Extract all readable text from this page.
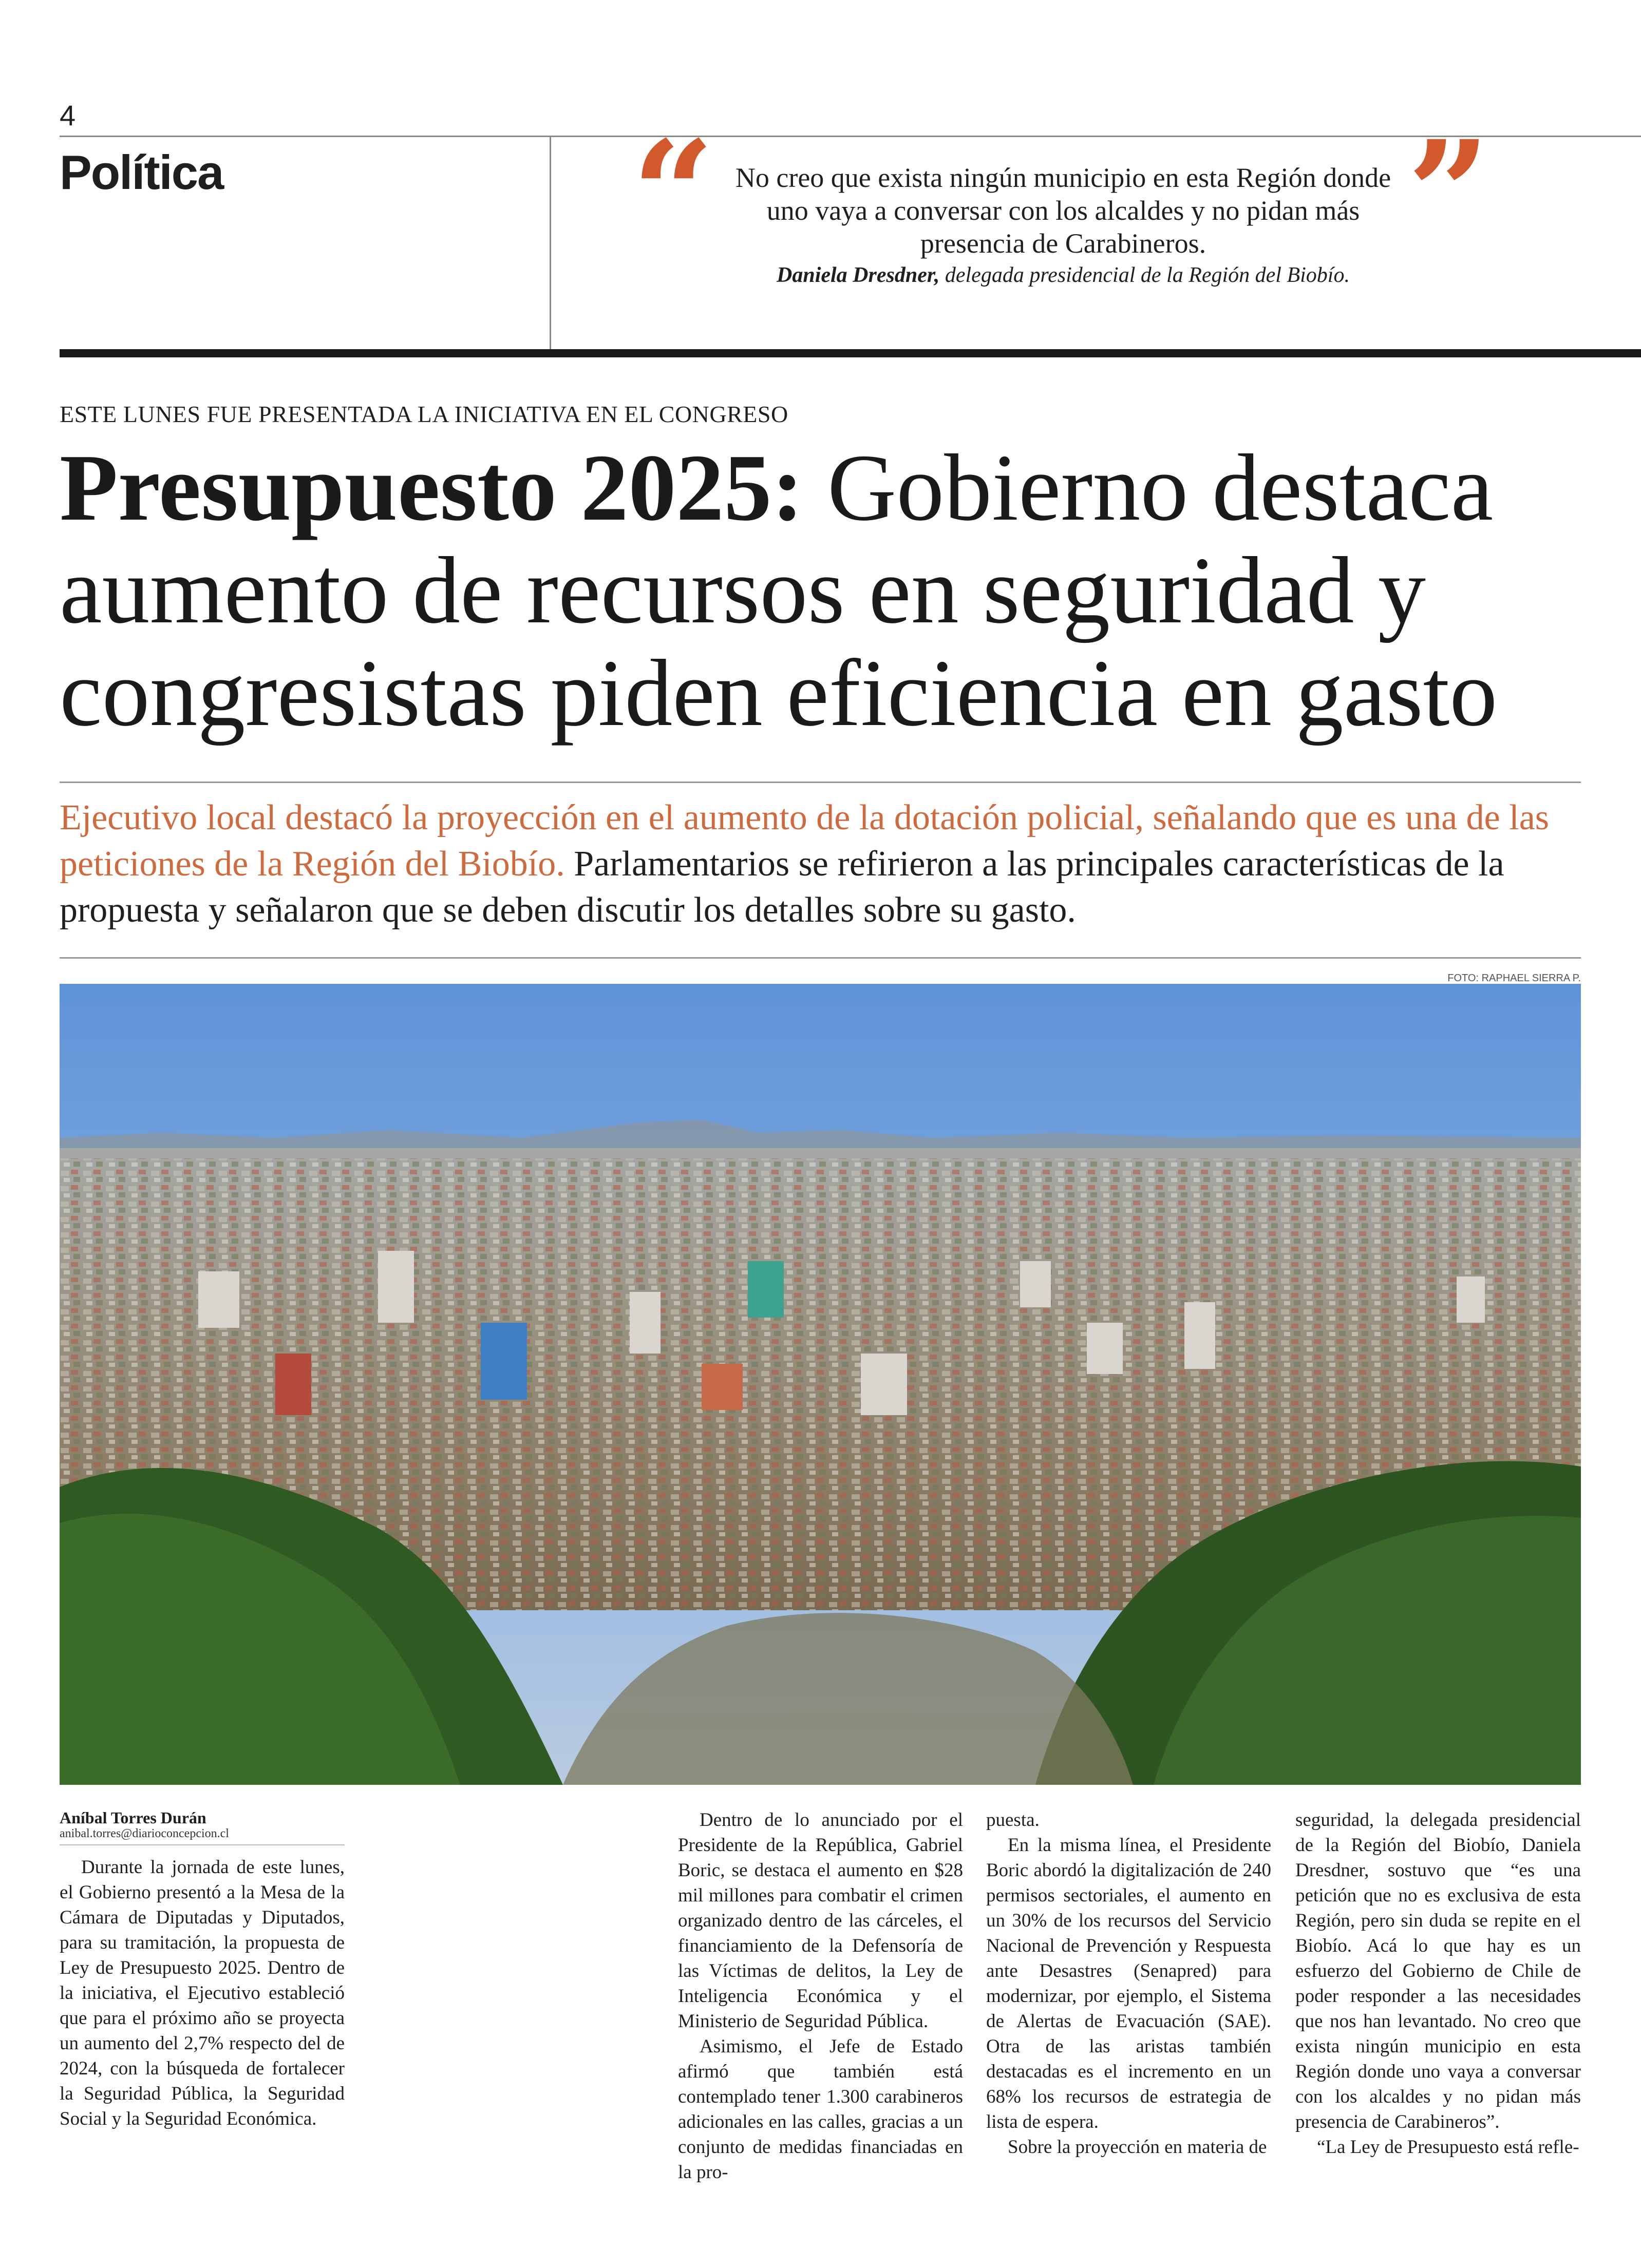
4
Política	“ No creo que exista ningún municipio en esta Región donde uno vaya a conversar con los alcaldes y no pidan más presencia de Carabineros.	”
Daniela Dresdner, delegada presidencial de la Región del Biobío.
ESTE LUNES FUE PRESENTADA LA INICIATIVA EN EL CONGRESO
Presupuesto 2025: Gobierno destaca aumento de recursos en seguridad y congresistas piden eficiencia en gasto
Ejecutivo local destacó la proyección en el aumento de la dotación policial, señalando que es una de las peticiones de la Región del Biobío. Parlamentarios se refirieron a las principales características de la propuesta y señalaron que se deben discutir los detalles sobre su gasto.
FOTO: RAPHAEL SIERRA P.
Aníbal Torres Durán
anibal.torres@diarioconcepcion.cl

Durante la jornada de este lunes, el Gobierno presentó a la Mesa de la Cámara de Diputadas y Diputados, para su tramitación, la propuesta de Ley de Presupuesto 2025. Dentro de la iniciativa, el Ejecutivo estableció que para el próximo año se proyecta un aumento del 2,7% respecto del de 2024, con la búsqueda de fortalecer la Seguridad Pública, la Seguridad Social y la Seguridad Económica.

Dentro de lo anunciado por el Presidente de la República, Gabriel Boric, se destaca el aumento en $28 mil millones para combatir el crimen organizado dentro de las cárceles, el financiamiento de la Defensoría de las Víctimas de delitos, la Ley de Inteligencia Económica y el Ministerio de Seguridad Pública.

Asimismo, el Jefe de Estado afirmó que también está contemplado tener 1.300 carabineros adicionales en las calles, gracias a un conjunto de medidas financiadas en la pro-

puesta.

En la misma línea, el Presidente Boric abordó la digitalización de 240 permisos sectoriales, el aumento en un 30% de los recursos del Servicio Nacional de Prevención y Respuesta ante Desastres (Senapred) para modernizar, por ejemplo, el Sistema de Alertas de Evacuación (SAE). Otra de las aristas también destacadas es el incremento en un 68% los recursos de estrategia de lista de espera.

Sobre la proyección en materia de

seguridad, la delegada presidencial de la Región del Biobío, Daniela Dresdner, sostuvo que “es una petición que no es exclusiva de esta Región, pero sin duda se repite en el Biobío. Acá lo que hay es un esfuerzo del Gobierno de Chile de poder responder a las necesidades que nos han levantado. No creo que exista ningún municipio en esta Región donde uno vaya a conversar con los alcaldes y no pidan más presencia de Carabineros”.

“La Ley de Presupuesto está refle-
